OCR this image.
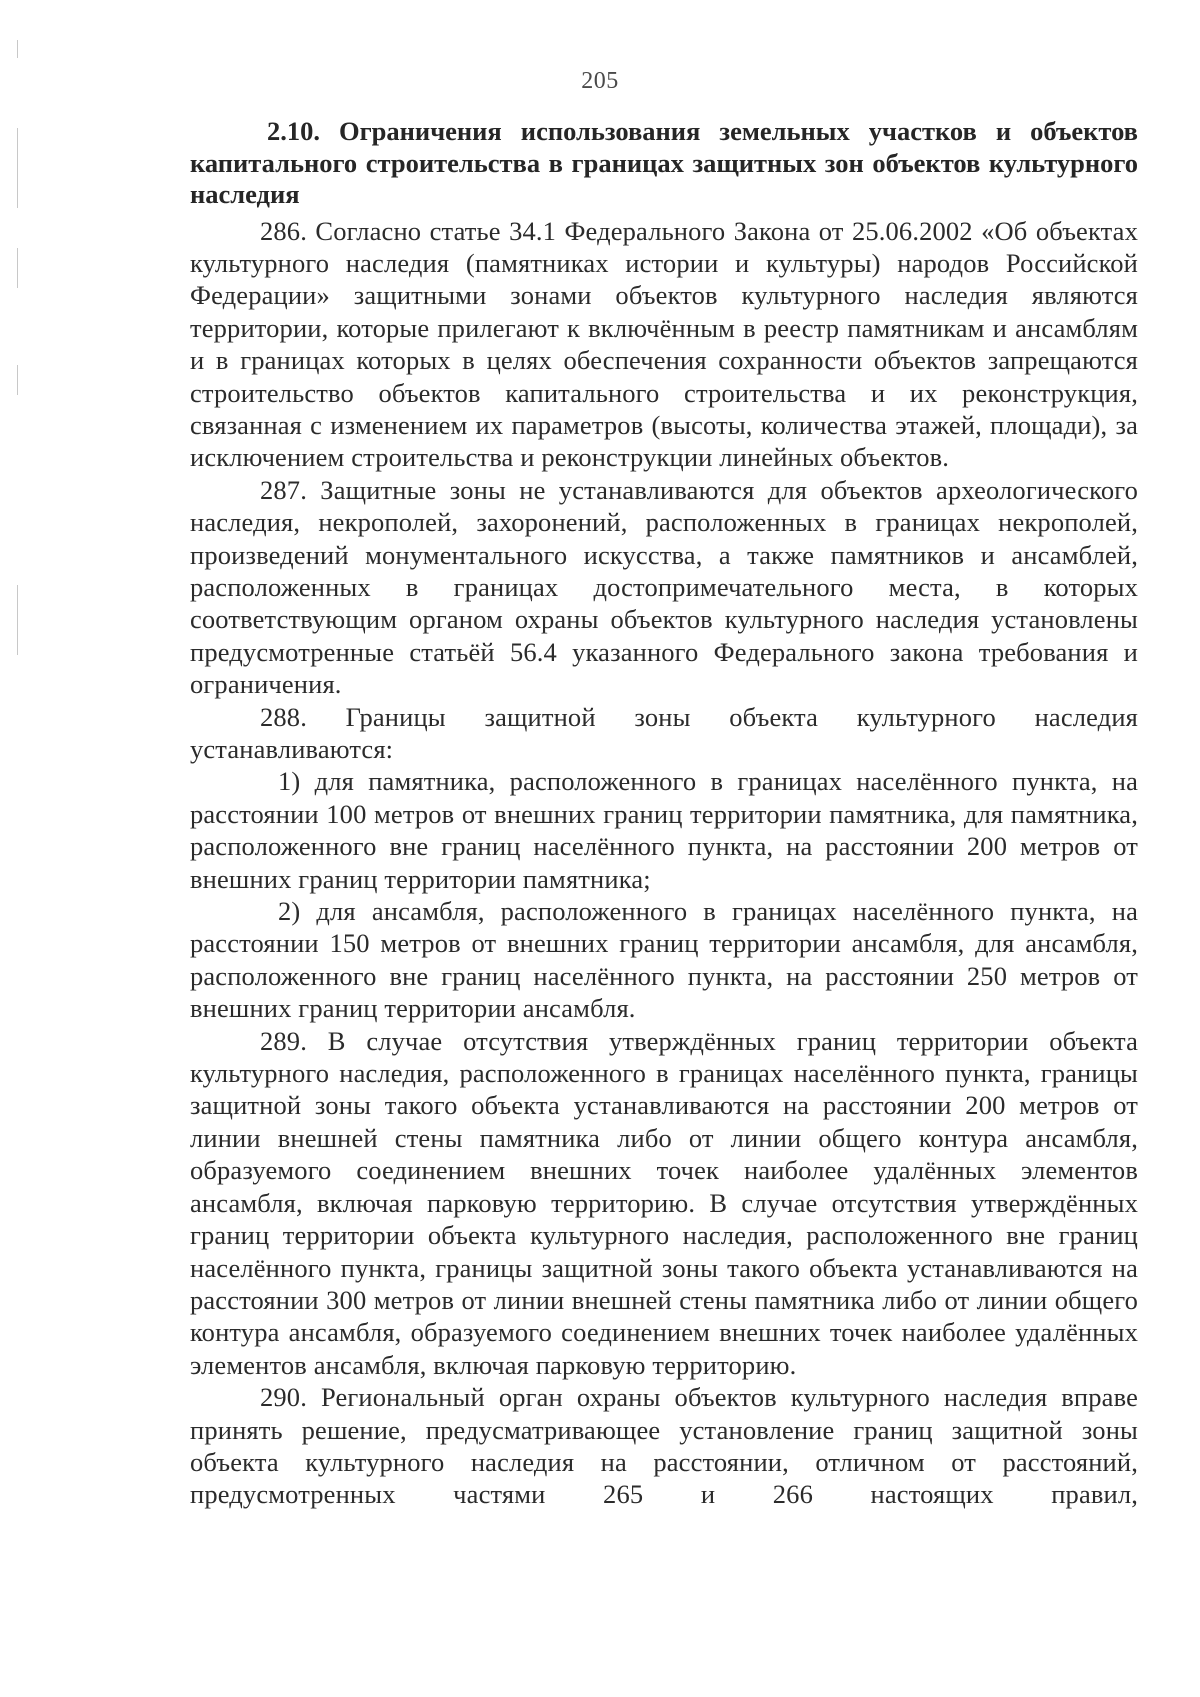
205

2.10. Ограничения использования земельных участков и объектов капитального строительства в границах защитных зон объектов культурного наследия

286. Согласно статье 34.1 Федерального Закона от 25.06.2002 «Об объектах культурного наследия (памятниках истории и культуры) народов Российской Федерации» защитными зонами объектов культурного наследия являются территории, которые прилегают к включённым в реестр памятникам и ансамблям и в границах которых в целях обеспечения сохранности объектов запрещаются строительство объектов капитального строительства и их реконструкция, связанная с изменением их параметров (высоты, количества этажей, площади), за исключением строительства и реконструкции линейных объектов.

287. Защитные зоны не устанавливаются для объектов археологического наследия, некрополей, захоронений, расположенных в границах некрополей, произведений монументального искусства, а также памятников и ансамблей, расположенных в границах достопримечательного места, в которых соответствующим органом охраны объектов культурного наследия установлены предусмотренные статьёй 56.4 указанного Федерального закона требования и ограничения.

288. Границы защитной зоны объекта культурного наследия устанавливаются:

1) для памятника, расположенного в границах населённого пункта, на расстоянии 100 метров от внешних границ территории памятника, для памятника, расположенного вне границ населённого пункта, на расстоянии 200 метров от внешних границ территории памятника;

2) для ансамбля, расположенного в границах населённого пункта, на расстоянии 150 метров от внешних границ территории ансамбля, для ансамбля, расположенного вне границ населённого пункта, на расстоянии 250 метров от внешних границ территории ансамбля.

289. В случае отсутствия утверждённых границ территории объекта культурного наследия, расположенного в границах населённого пункта, границы защитной зоны такого объекта устанавливаются на расстоянии 200 метров от линии внешней стены памятника либо от линии общего контура ансамбля, образуемого соединением внешних точек наиболее удалённых элементов ансамбля, включая парковую территорию. В случае отсутствия утверждённых границ территории объекта культурного наследия, расположенного вне границ населённого пункта, границы защитной зоны такого объекта устанавливаются на расстоянии 300 метров от линии внешней стены памятника либо от линии общего контура ансамбля, образуемого соединением внешних точек наиболее удалённых элементов ансамбля, включая парковую территорию.

290. Региональный орган охраны объектов культурного наследия вправе принять решение, предусматривающее установление границ защитной зоны объекта культурного наследия на расстоянии, отличном от расстояний, предусмотренных частями 265 и 266 настоящих правил,
